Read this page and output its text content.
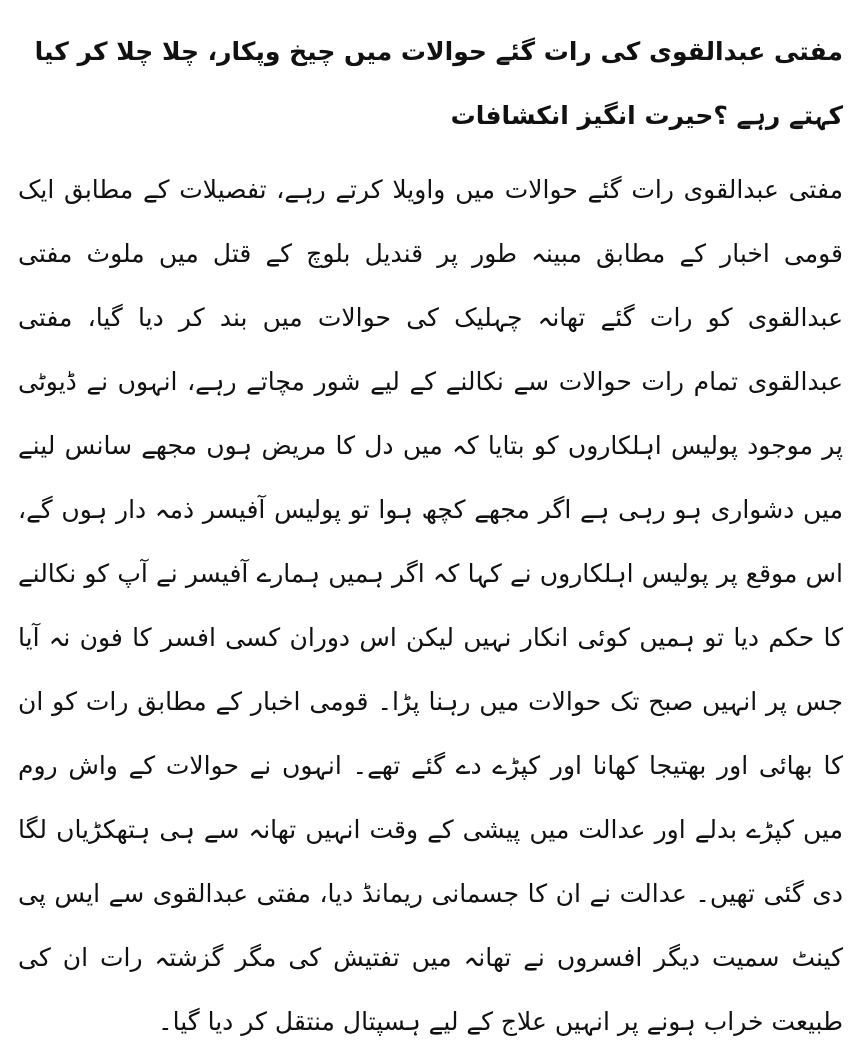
مفتی عبدالقوی کی رات گئے حوالات میں چیخ وپکار، چلا چلا کر کیا کہتے رہے ؟حیرت انگیز انکشافات

مفتی عبدالقوی رات گئے حوالات میں واویلا کرتے رہے، تفصیلات کے مطابق ایک قومی اخبار کے مطابق مبینہ طور پر قندیل بلوچ کے قتل میں ملوث مفتی عبدالقوی کو رات گئے تھانہ چہلیک کی حوالات میں بند کر دیا گیا، مفتی عبدالقوی تمام رات حوالات سے نکالنے کے لیے شور مچاتے رہے، انہوں نے ڈیوٹی پر موجود پولیس اہلکاروں کو بتایا کہ میں دل کا مریض ہوں مجھے سانس لینے میں دشواری ہو رہی ہے اگر مجھے کچھ ہوا تو پولیس آفیسر ذمہ دار ہوں گے، اس موقع پر پولیس اہلکاروں نے کہا کہ اگر ہمیں ہمارے آفیسر نے آپ کو نکالنے کا حکم دیا تو ہمیں کوئی انکار نہیں لیکن اس دوران کسی افسر کا فون نہ آیا جس پر انہیں صبح تک حوالات میں رہنا پڑا۔ قومی اخبار کے مطابق رات کو ان کا بھائی اور بھتیجا کھانا اور کپڑے دے گئے تھے۔ انہوں نے حوالات کے واش روم میں کپڑے بدلے اور عدالت میں پیشی کے وقت انہیں تھانہ سے ہی ہتھکڑیاں لگا دی گئی تھیں۔ عدالت نے ان کا جسمانی ریمانڈ دیا، مفتی عبدالقوی سے ایس پی کینٹ سمیت دیگر افسروں نے تھانہ میں تفتیش کی مگر گزشتہ رات ان کی طبیعت خراب ہونے پر انہیں علاج کے لیے ہسپتال منتقل کر دیا گیا۔
